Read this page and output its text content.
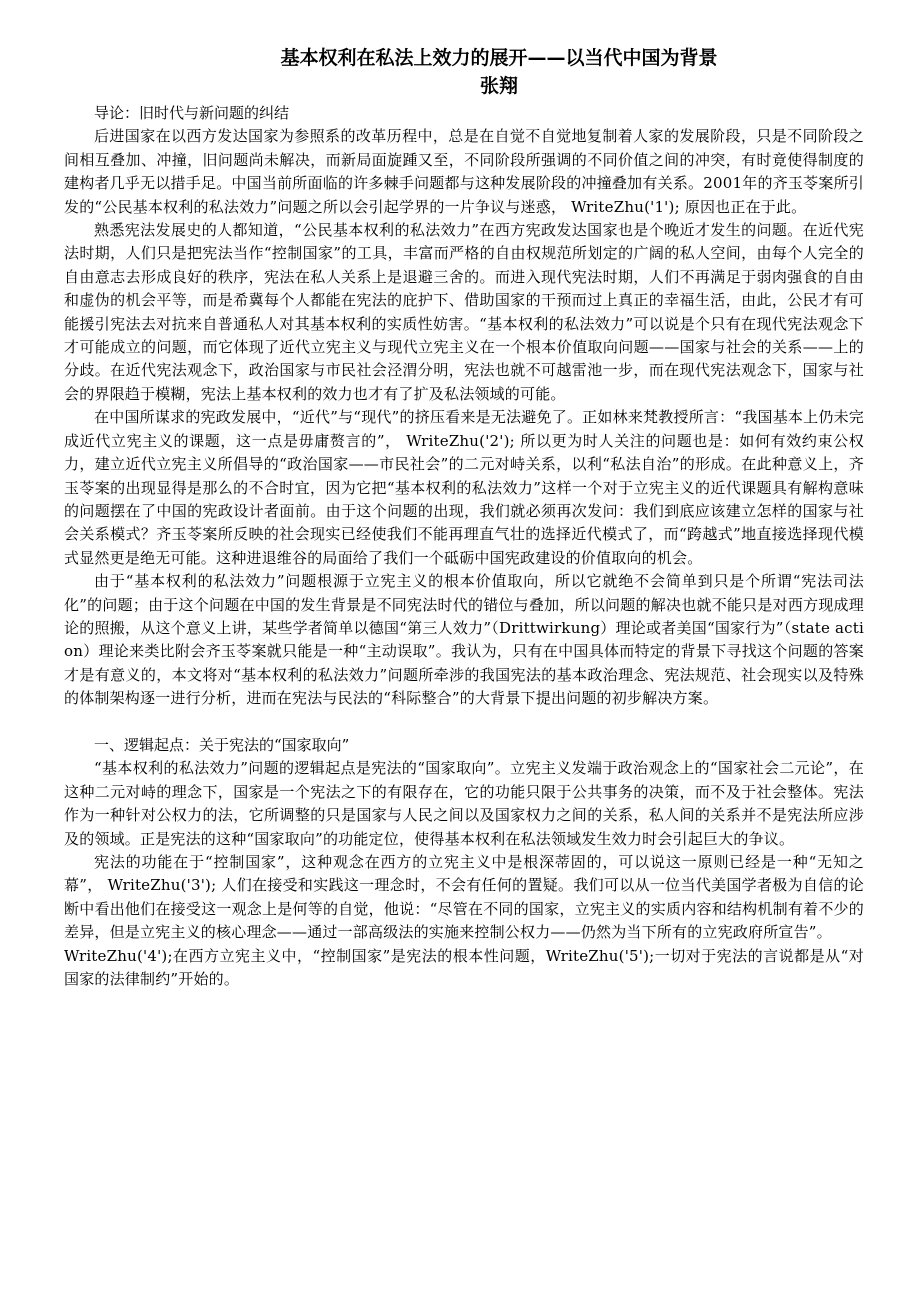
基本权利在私法上效力的展开——以当代中国为背景
张翔

导论：旧时代与新问题的纠结

后进国家在以西方发达国家为参照系的改革历程中，总是在自觉不自觉地复制着人家的发展阶段，只是不同阶段之间相互叠加、冲撞，旧问题尚未解决，而新局面旋踵又至，不同阶段所强调的不同价值之间的冲突，有时竟使得制度的建构者几乎无以措手足。中国当前所面临的许多棘手问题都与这种发展阶段的冲撞叠加有关系。2001年的齐玉苓案所引发的“公民基本权利的私法效力”问题之所以会引起学界的一片争议与迷惑， WriteZhu('1'); 原因也正在于此。

熟悉宪法发展史的人都知道，“公民基本权利的私法效力”在西方宪政发达国家也是个晚近才发生的问题。在近代宪法时期，人们只是把宪法当作“控制国家”的工具，丰富而严格的自由权规范所划定的广阔的私人空间，由每个人完全的自由意志去形成良好的秩序，宪法在私人关系上是退避三舍的。而进入现代宪法时期，人们不再满足于弱肉强食的自由和虚伪的机会平等，而是希冀每个人都能在宪法的庇护下、借助国家的干预而过上真正的幸福生活，由此，公民才有可能援引宪法去对抗来自普通私人对其基本权利的实质性妨害。“基本权利的私法效力”可以说是个只有在现代宪法观念下才可能成立的问题，而它体现了近代立宪主义与现代立宪主义在一个根本价值取向问题——国家与社会的关系——上的分歧。在近代宪法观念下，政治国家与市民社会泾渭分明，宪法也就不可越雷池一步，而在现代宪法观念下，国家与社会的界限趋于模糊，宪法上基本权利的效力也才有了扩及私法领域的可能。

在中国所谋求的宪政发展中，“近代”与“现代”的挤压看来是无法避免了。正如林来梵教授所言：“我国基本上仍未完成近代立宪主义的课题，这一点是毋庸赘言的”， WriteZhu('2'); 所以更为时人关注的问题也是：如何有效约束公权力，建立近代立宪主义所倡导的“政治国家——市民社会”的二元对峙关系，以利“私法自治”的形成。在此种意义上，齐玉苓案的出现显得是那么的不合时宜，因为它把“基本权利的私法效力”这样一个对于立宪主义的近代课题具有解构意味的问题摆在了中国的宪政设计者面前。由于这个问题的出现，我们就必须再次发问：我们到底应该建立怎样的国家与社会关系模式？齐玉苓案所反映的社会现实已经使我们不能再理直气壮的选择近代模式了，而“跨越式”地直接选择现代模式显然更是绝无可能。这种进退维谷的局面给了我们一个砥砺中国宪政建设的价值取向的机会。

由于“基本权利的私法效力”问题根源于立宪主义的根本价值取向，所以它就绝不会简单到只是个所谓“宪法司法化”的问题；由于这个问题在中国的发生背景是不同宪法时代的错位与叠加，所以问题的解决也就不能只是对西方现成理论的照搬，从这个意义上讲，某些学者简单以德国“第三人效力”（Drittwirkung）理论或者美国“国家行为”（state action）理论来类比附会齐玉苓案就只能是一种“主动误取”。我认为，只有在中国具体而特定的背景下寻找这个问题的答案才是有意义的，本文将对“基本权利的私法效力”问题所牵涉的我国宪法的基本政治理念、宪法规范、社会现实以及特殊的体制架构逐一进行分析，进而在宪法与民法的“科际整合”的大背景下提出问题的初步解决方案。

一、逻辑起点：关于宪法的“国家取向”

“基本权利的私法效力”问题的逻辑起点是宪法的“国家取向”。立宪主义发端于政治观念上的“国家社会二元论”，在这种二元对峙的理念下，国家是一个宪法之下的有限存在，它的功能只限于公共事务的决策，而不及于社会整体。宪法作为一种针对公权力的法，它所调整的只是国家与人民之间以及国家权力之间的关系，私人间的关系并不是宪法所应涉及的领域。正是宪法的这种“国家取向”的功能定位，使得基本权利在私法领域发生效力时会引起巨大的争议。

宪法的功能在于“控制国家”，这种观念在西方的立宪主义中是根深蒂固的，可以说这一原则已经是一种“无知之幕”， WriteZhu('3'); 人们在接受和实践这一理念时，不会有任何的置疑。我们可以从一位当代美国学者极为自信的论断中看出他们在接受这一观念上是何等的自觉，他说：“尽管在不同的国家，立宪主义的实质内容和结构机制有着不少的差异，但是立宪主义的核心理念——通过一部高级法的实施来控制公权力——仍然为当下所有的立宪政府所宣告”。

WriteZhu('4');在西方立宪主义中，“控制国家”是宪法的根本性问题，WriteZhu('5');一切对于宪法的言说都是从“对国家的法律制约”开始的。
